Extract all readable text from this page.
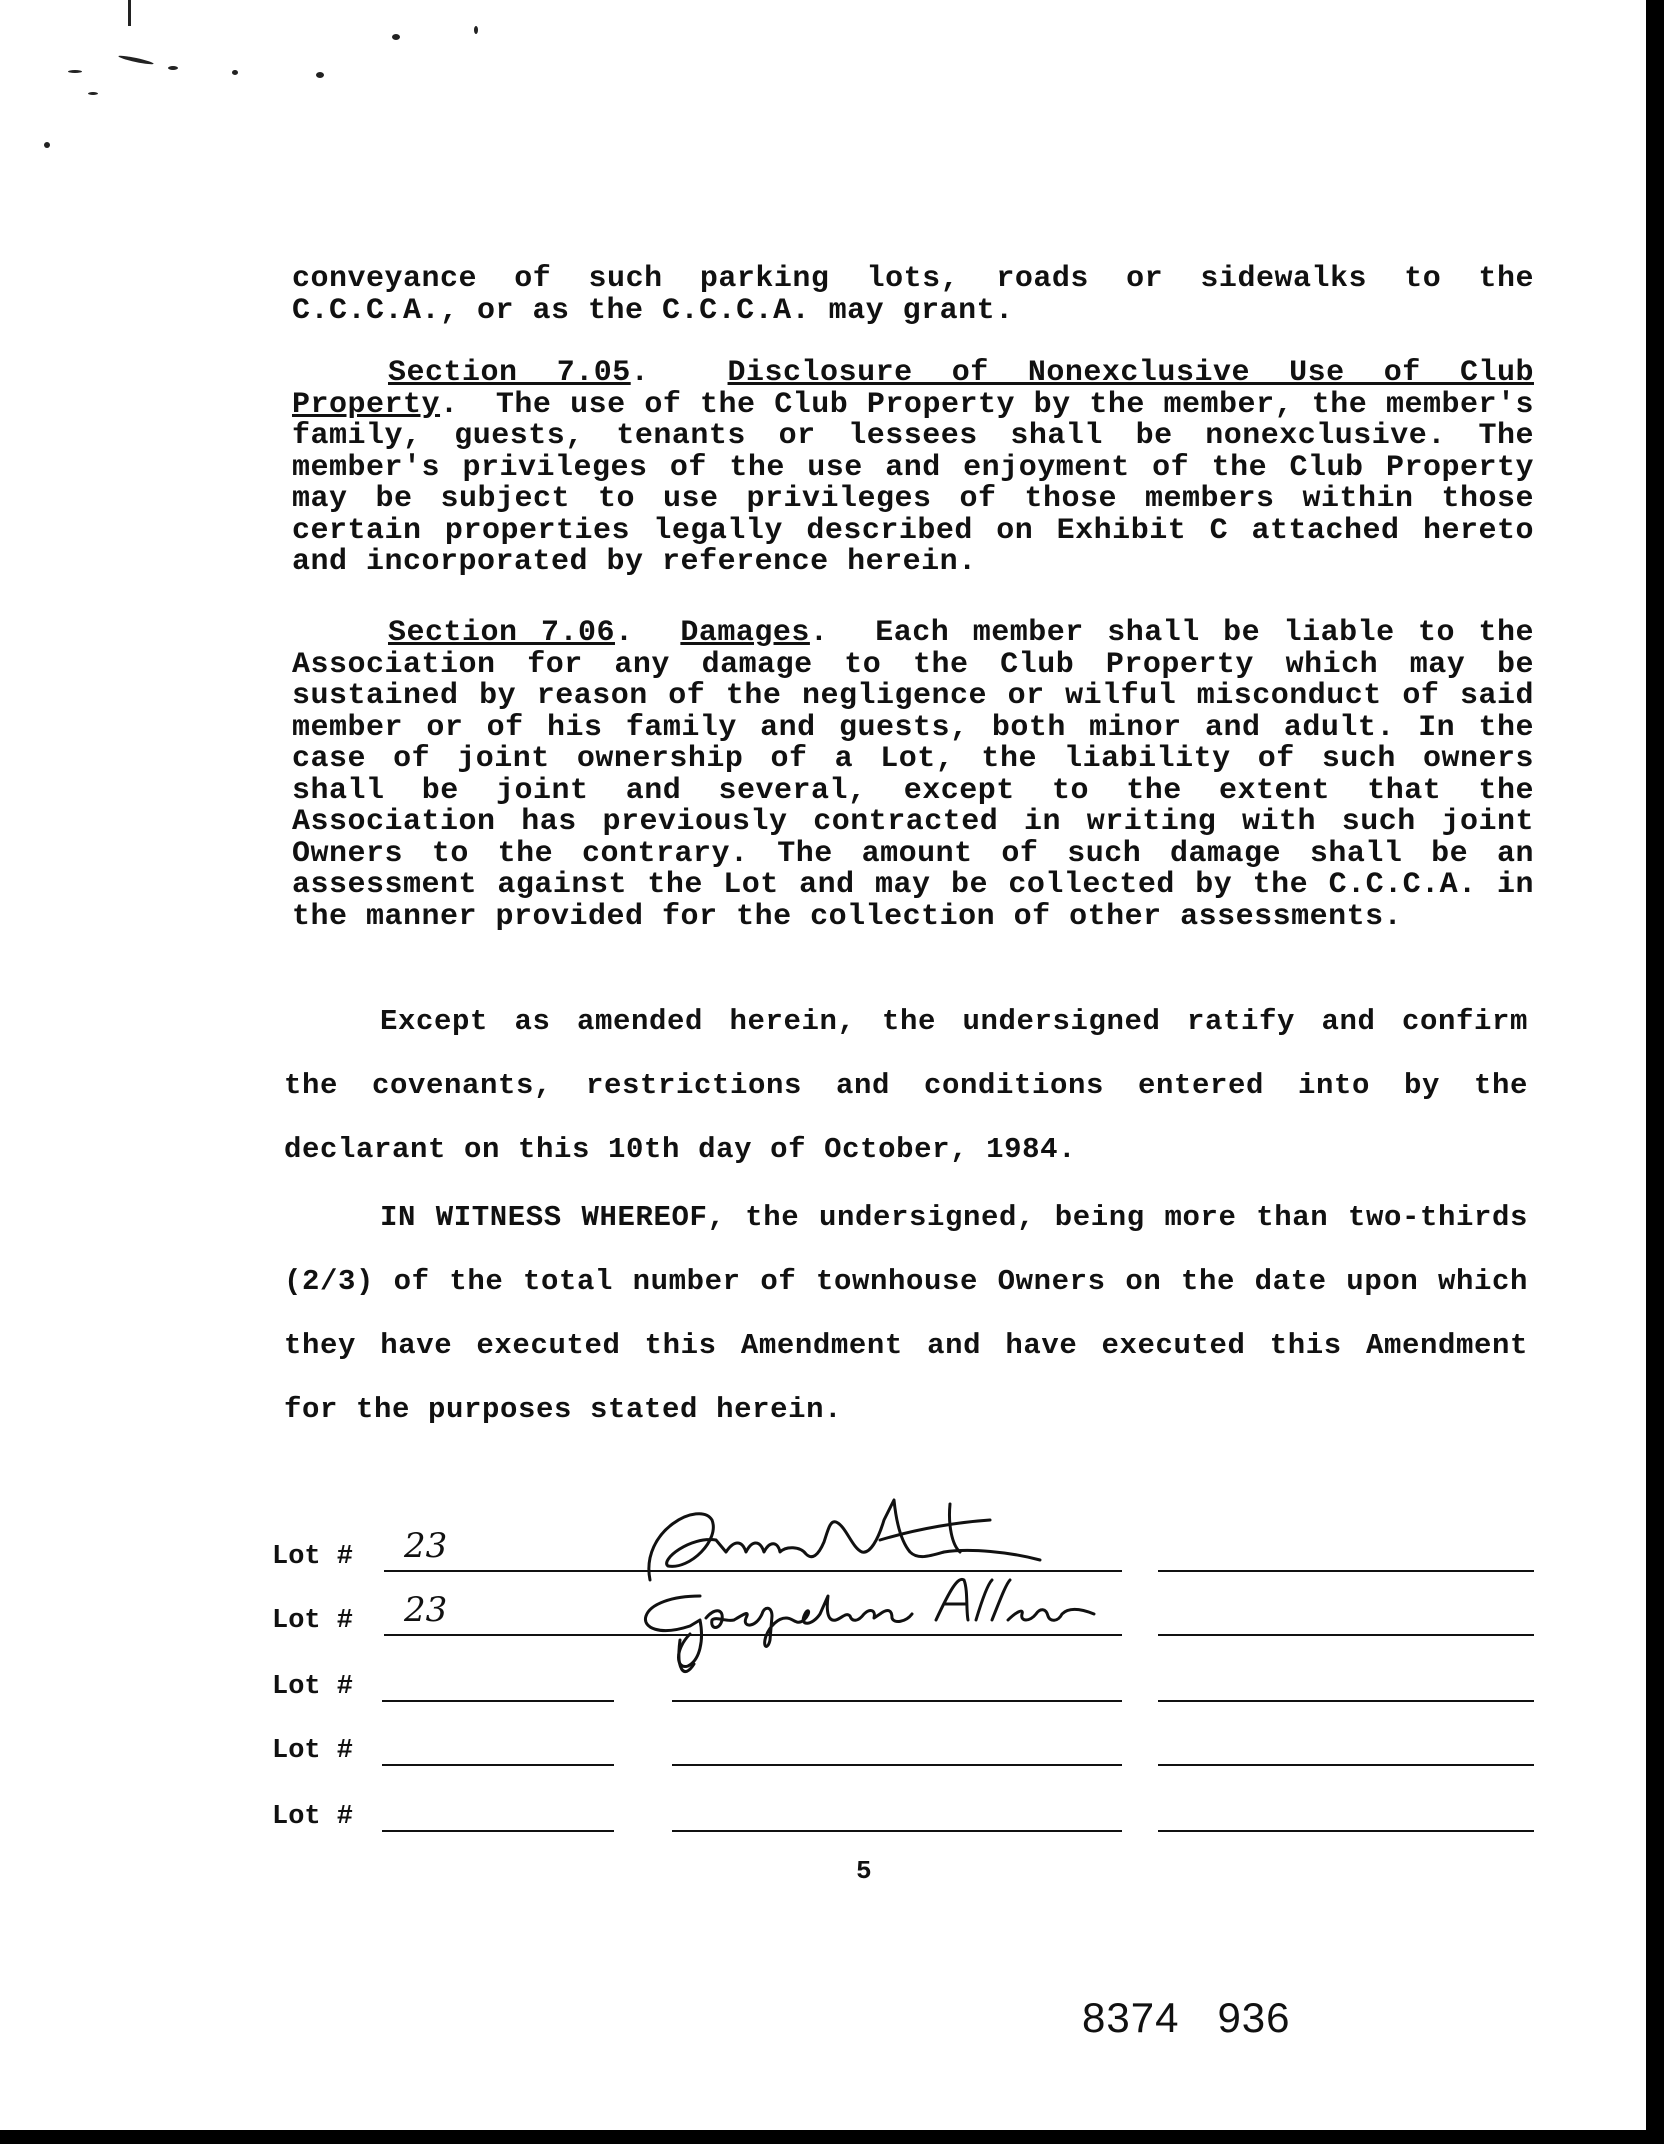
conveyance of such parking lots, roads or sidewalks to the C.C.C.A., or as the C.C.C.A. may grant.

Section 7.05.  Disclosure of Nonexclusive Use of Club Property.  The use of the Club Property by the member, the member's family, guests, tenants or lessees shall be nonexclusive. The member's privileges of the use and enjoyment of the Club Property may be subject to use privileges of those members within those certain properties legally described on Exhibit C attached hereto and incorporated by reference herein.

Section 7.06.  Damages.  Each member shall be liable to the Association for any damage to the Club Property which may be sustained by reason of the negligence or wilful misconduct of said member or of his family and guests, both minor and adult. In the case of joint ownership of a Lot, the liability of such owners shall be joint and several, except to the extent that the Association has previously contracted in writing with such joint Owners to the contrary. The amount of such damage shall be an assessment against the Lot and may be collected by the C.C.C.A. in the manner provided for the collection of other assessments.

Except as amended herein, the undersigned ratify and confirm the covenants, restrictions and conditions entered into by the declarant on this 10th day of October, 1984.

IN WITNESS WHEREOF, the undersigned, being more than two-thirds (2/3) of the total number of townhouse Owners on the date upon which they have executed this Amendment and have executed this Amendment for the purposes stated herein.

Lot # 23
Lot # 23
Lot #
Lot #
Lot #
5
8374   936
